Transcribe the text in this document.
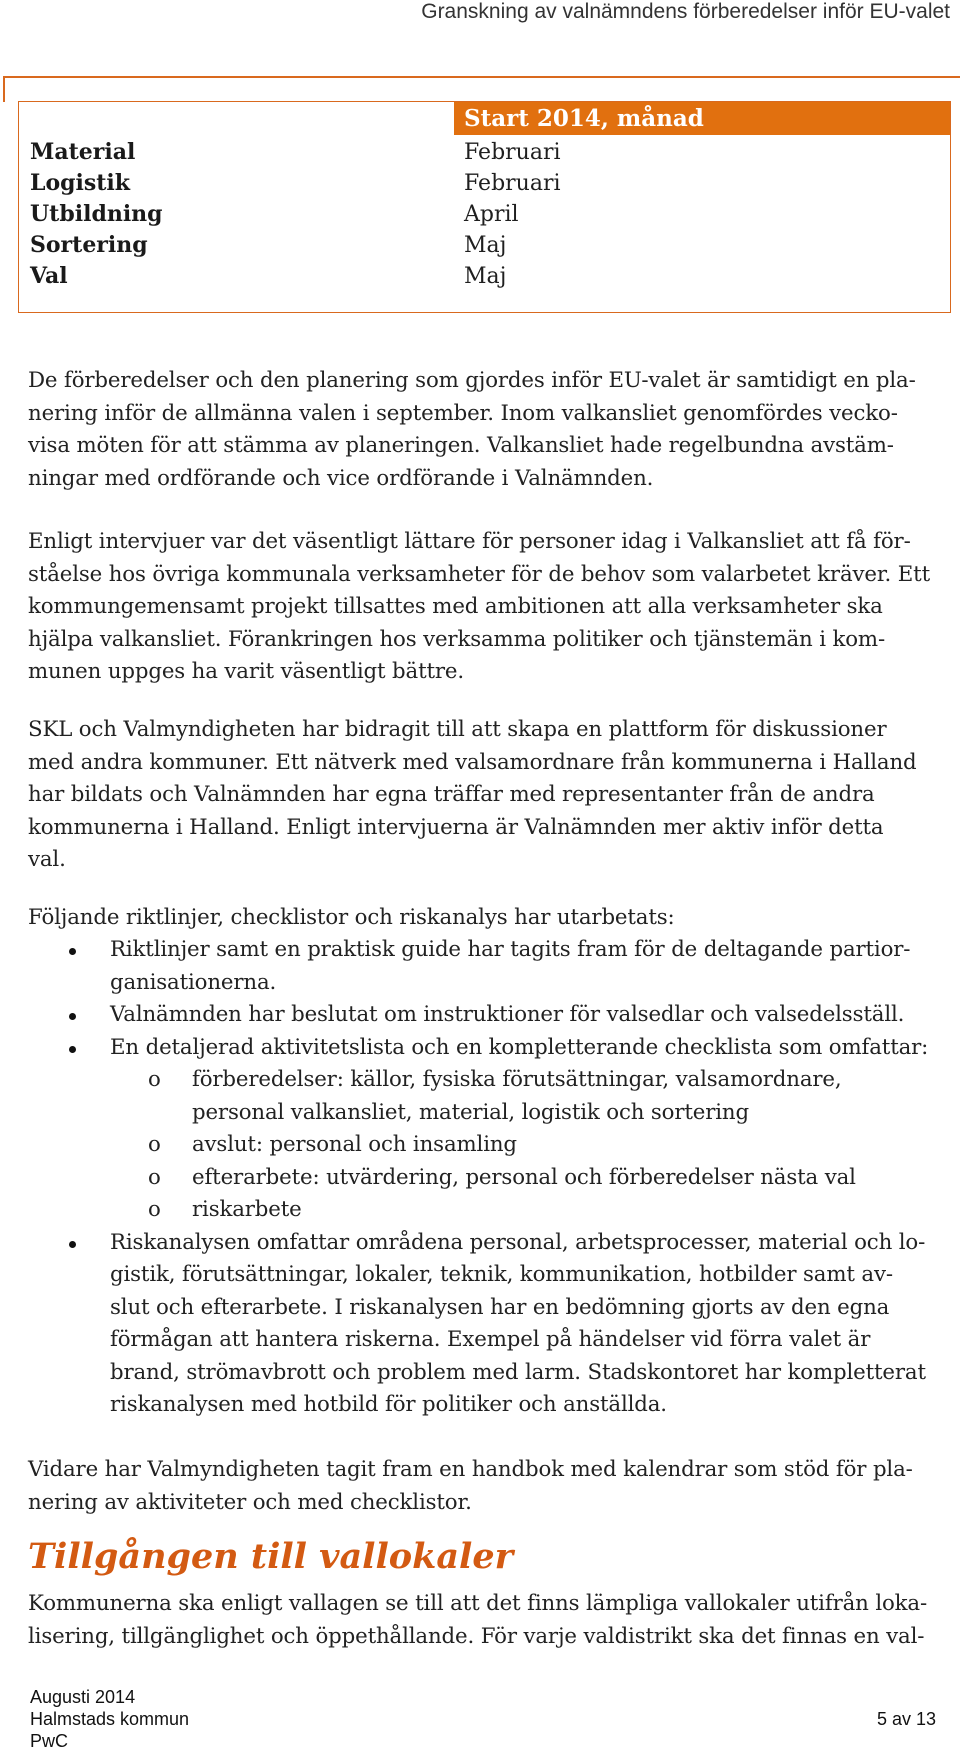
Granskning av valnämndens förberedelser inför EU-valet
Start 2014, månad
Material	Februari
Logistik	Februari
Utbildning	April
Sortering	Maj
Val	Maj

De förberedelser och den planering som gjordes inför EU-valet är samtidigt en pla-
nering inför de allmänna valen i september. Inom valkansliet genomfördes vecko-
visa möten för att stämma av planeringen. Valkansliet hade regelbundna avstäm-
ningar med ordförande och vice ordförande i Valnämnden.

Enligt intervjuer var det väsentligt lättare för personer idag i Valkansliet att få för-
ståelse hos övriga kommunala verksamheter för de behov som valarbetet kräver. Ett
kommungemensamt projekt tillsattes med ambitionen att alla verksamheter ska
hjälpa valkansliet. Förankringen hos verksamma politiker och tjänstemän i kom-
munen uppges ha varit väsentligt bättre.

SKL och Valmyndigheten har bidragit till att skapa en plattform för diskussioner
med andra kommuner. Ett nätverk med valsamordnare från kommunerna i Halland
har bildats och Valnämnden har egna träffar med representanter från de andra
kommunerna i Halland. Enligt intervjuerna är Valnämnden mer aktiv inför detta
val.

Följande riktlinjer, checklistor och riskanalys har utarbetats:

Riktlinjer samt en praktisk guide har tagits fram för de deltagande partior-
ganisationerna.
Valnämnden har beslutat om instruktioner för valsedlar och valsedelsställ.
En detaljerad aktivitetslista och en kompletterande checklista som omfattar:
o förberedelser: källor, fysiska förutsättningar, valsamordnare,
personal valkansliet, material, logistik och sortering
o avslut: personal och insamling
o efterarbete: utvärdering, personal och förberedelser nästa val
o riskarbete
Riskanalysen omfattar områdena personal, arbetsprocesser, material och lo-
gistik, förutsättningar, lokaler, teknik, kommunikation, hotbilder samt av-
slut och efterarbete. I riskanalysen har en bedömning gjorts av den egna
förmågan att hantera riskerna. Exempel på händelser vid förra valet är
brand, strömavbrott och problem med larm. Stadskontoret har kompletterat
riskanalysen med hotbild för politiker och anställda.

Vidare har Valmyndigheten tagit fram en handbok med kalendrar som stöd för pla-
nering av aktiviteter och med checklistor.

Tillgången till vallokaler

Kommunerna ska enligt vallagen se till att det finns lämpliga vallokaler utifrån loka-
lisering, tillgänglighet och öppethållande. För varje valdistrikt ska det finnas en val-

Augusti 2014
Halmstads kommun
PwC
5 av 13
